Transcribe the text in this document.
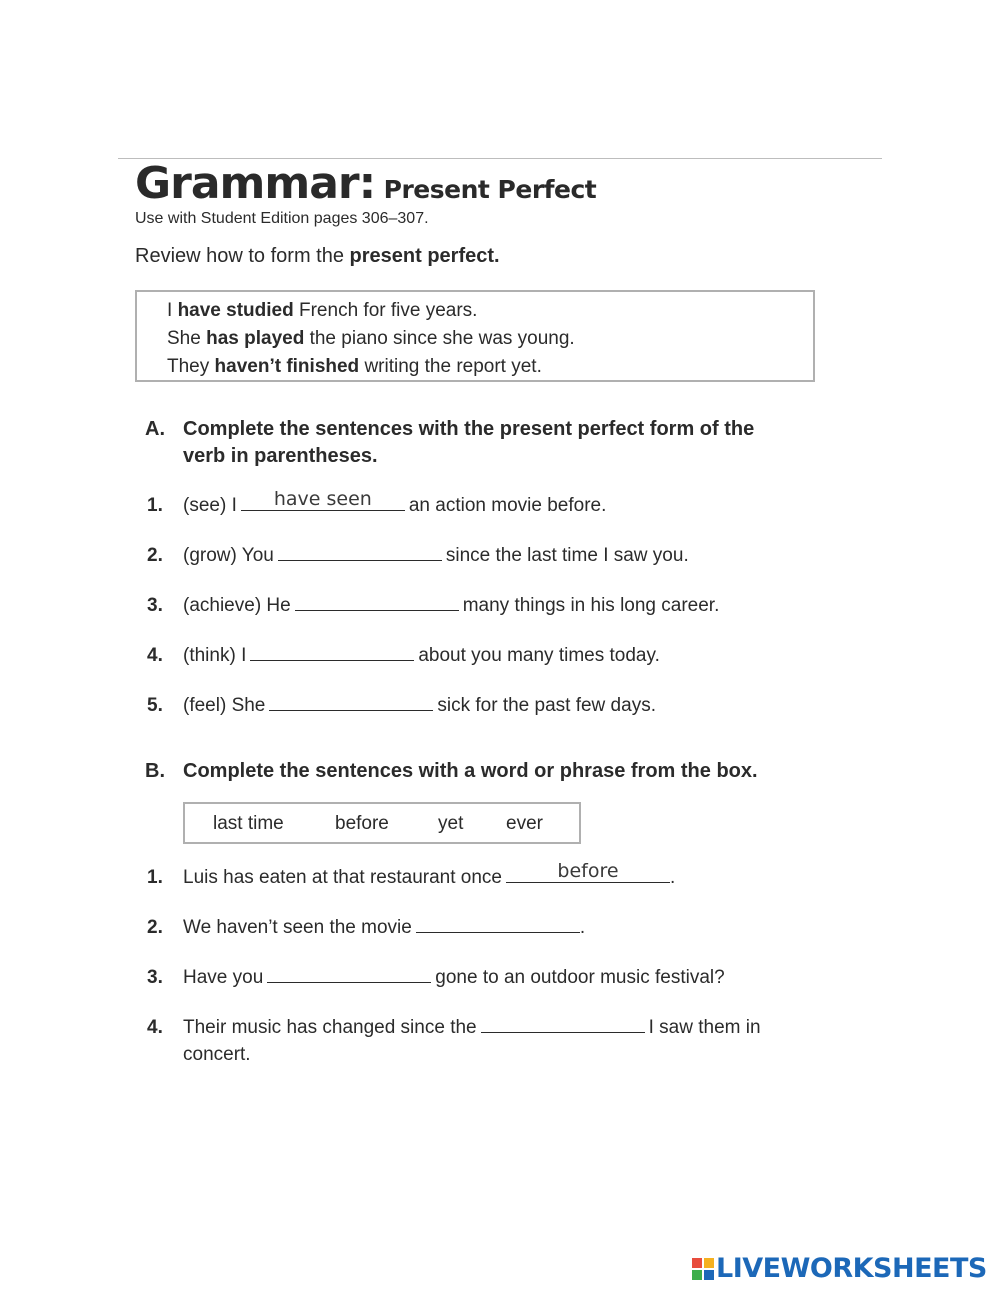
Grammar: Present Perfect
Use with Student Edition pages 306–307.
Review how to form the present perfect.
I have studied French for five years.
She has played the piano since she was young.
They haven’t finished writing the report yet.
A. Complete the sentences with the present perfect form of the
verb in parentheses.
1. (see) I	have seen	an action movie before.
2. (grow) You	since the last time I saw you.
3. (achieve) He	many things in his long career.
4. (think) I	about you many times today.
5. (feel) She	sick for the past few days.
B. Complete the sentences with a word or phrase from the box.
last time	before	yet ever
1. Luis has eaten at that restaurant once	before	.
2. We haven’t seen the movie	.
3. Have you	gone to an outdoor music festival?
4. Their music has changed since the	I saw them in
concert.
LIVEWORKSHEETS
